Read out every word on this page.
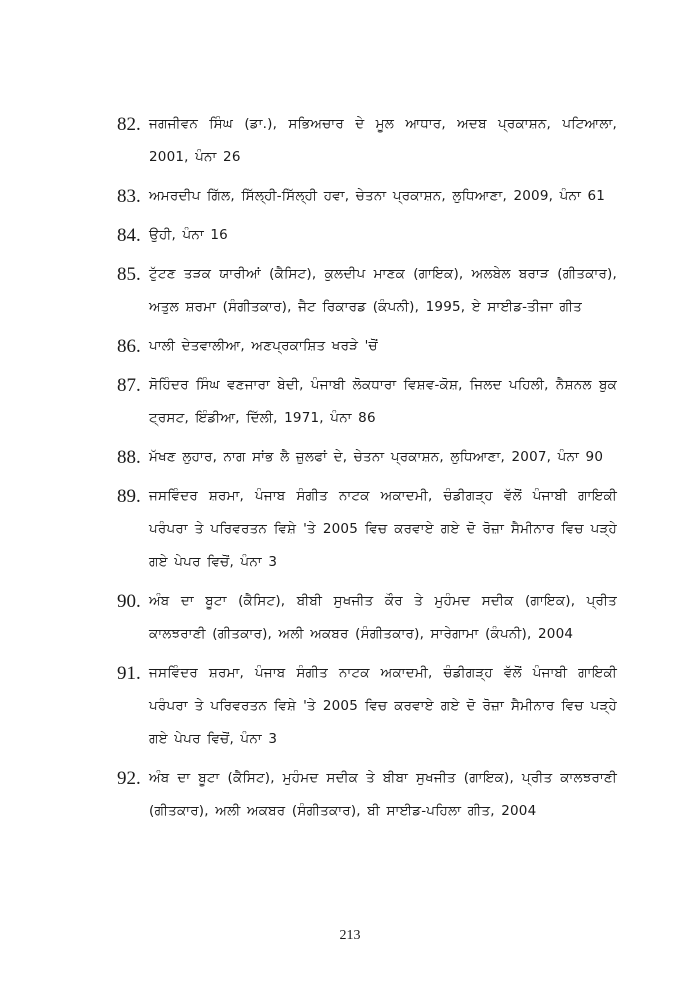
82. ਜਗਜੀਵਨ ਸਿੰਘ (ਡਾ.), ਸਭਿਅਚਾਰ ਦੇ ਮੂਲ ਆਧਾਰ, ਅਦਬ ਪ੍ਰਕਾਸ਼ਨ, ਪਟਿਆਲਾ, 2001, ਪੰਨਾ 26
83. ਅਮਰਦੀਪ ਗਿੱਲ, ਸਿੱਲ੍ਹੀ-ਸਿੱਲ੍ਹੀ ਹਵਾ, ਚੇਤਨਾ ਪ੍ਰਕਾਸ਼ਨ, ਲੁਧਿਆਣਾ, 2009, ਪੰਨਾ 61
84. ਉਹੀ, ਪੰਨਾ 16
85. ਟੁੱਟਣ ਤੜਕ ਯਾਰੀਆਂ (ਕੈਸਿਟ), ਕੁਲਦੀਪ ਮਾਣਕ (ਗਾਇਕ), ਅਲਬੇਲ ਬਰਾੜ (ਗੀਤਕਾਰ), ਅਤੁਲ ਸ਼ਰਮਾ (ਸੰਗੀਤਕਾਰ), ਜੈਟ ਰਿਕਾਰਡ (ਕੰਪਨੀ), 1995, ਏ ਸਾਈਡ-ਤੀਜਾ ਗੀਤ
86. ਪਾਲੀ ਦੇਤਵਾਲੀਆ, ਅਣਪ੍ਰਕਾਸ਼ਿਤ ਖਰੜੇ 'ਚੋਂ
87. ਸੋਹਿੰਦਰ ਸਿੰਘ ਵਣਜਾਰਾ ਬੇਦੀ, ਪੰਜਾਬੀ ਲੋਕਧਾਰਾ ਵਿਸ਼ਵ-ਕੋਸ਼, ਜਿਲਦ ਪਹਿਲੀ, ਨੈਸ਼ਨਲ ਬੁਕ ਟ੍ਰਸਟ, ਇੰਡੀਆ, ਦਿੱਲੀ, 1971, ਪੰਨਾ 86
88. ਮੱਖਣ ਲੁਹਾਰ, ਨਾਗ ਸਾਂਭ ਲੈ ਜ਼ੁਲਫਾਂ ਦੇ, ਚੇਤਨਾ ਪ੍ਰਕਾਸ਼ਨ, ਲੁਧਿਆਣਾ, 2007, ਪੰਨਾ 90
89. ਜਸਵਿੰਦਰ ਸ਼ਰਮਾ, ਪੰਜਾਬ ਸੰਗੀਤ ਨਾਟਕ ਅਕਾਦਮੀ, ਚੰਡੀਗੜ੍ਹ ਵੱਲੋਂ ਪੰਜਾਬੀ ਗਾਇਕੀ ਪਰੰਪਰਾ ਤੇ ਪਰਿਵਰਤਨ ਵਿਸ਼ੇ 'ਤੇ 2005 ਵਿਚ ਕਰਵਾਏ ਗਏ ਦੋ ਰੋਜ਼ਾ ਸੈਮੀਨਾਰ ਵਿਚ ਪੜ੍ਹੇ ਗਏ ਪੇਪਰ ਵਿਚੋਂ, ਪੰਨਾ 3
90. ਅੰਬ ਦਾ ਬੂਟਾ (ਕੈਸਿਟ), ਬੀਬੀ ਸੁਖਜੀਤ ਕੌਰ ਤੇ ਮੁਹੰਮਦ ਸਦੀਕ (ਗਾਇਕ), ਪ੍ਰੀਤ ਕਾਲਝਰਾਣੀ (ਗੀਤਕਾਰ), ਅਲੀ ਅਕਬਰ (ਸੰਗੀਤਕਾਰ), ਸਾਰੇਗਾਮਾ (ਕੰਪਨੀ), 2004
91. ਜਸਵਿੰਦਰ ਸ਼ਰਮਾ, ਪੰਜਾਬ ਸੰਗੀਤ ਨਾਟਕ ਅਕਾਦਮੀ, ਚੰਡੀਗੜ੍ਹ ਵੱਲੋਂ ਪੰਜਾਬੀ ਗਾਇਕੀ ਪਰੰਪਰਾ ਤੇ ਪਰਿਵਰਤਨ ਵਿਸ਼ੇ 'ਤੇ 2005 ਵਿਚ ਕਰਵਾਏ ਗਏ ਦੋ ਰੋਜ਼ਾ ਸੈਮੀਨਾਰ ਵਿਚ ਪੜ੍ਹੇ ਗਏ ਪੇਪਰ ਵਿਚੋਂ, ਪੰਨਾ 3
92. ਅੰਬ ਦਾ ਬੂਟਾ (ਕੈਸਿਟ), ਮੁਹੰਮਦ ਸਦੀਕ ਤੇ ਬੀਬਾ ਸੁਖਜੀਤ (ਗਾਇਕ), ਪ੍ਰੀਤ ਕਾਲਝਰਾਣੀ (ਗੀਤਕਾਰ), ਅਲੀ ਅਕਬਰ (ਸੰਗੀਤਕਾਰ), ਬੀ ਸਾਈਡ-ਪਹਿਲਾ ਗੀਤ, 2004
213
